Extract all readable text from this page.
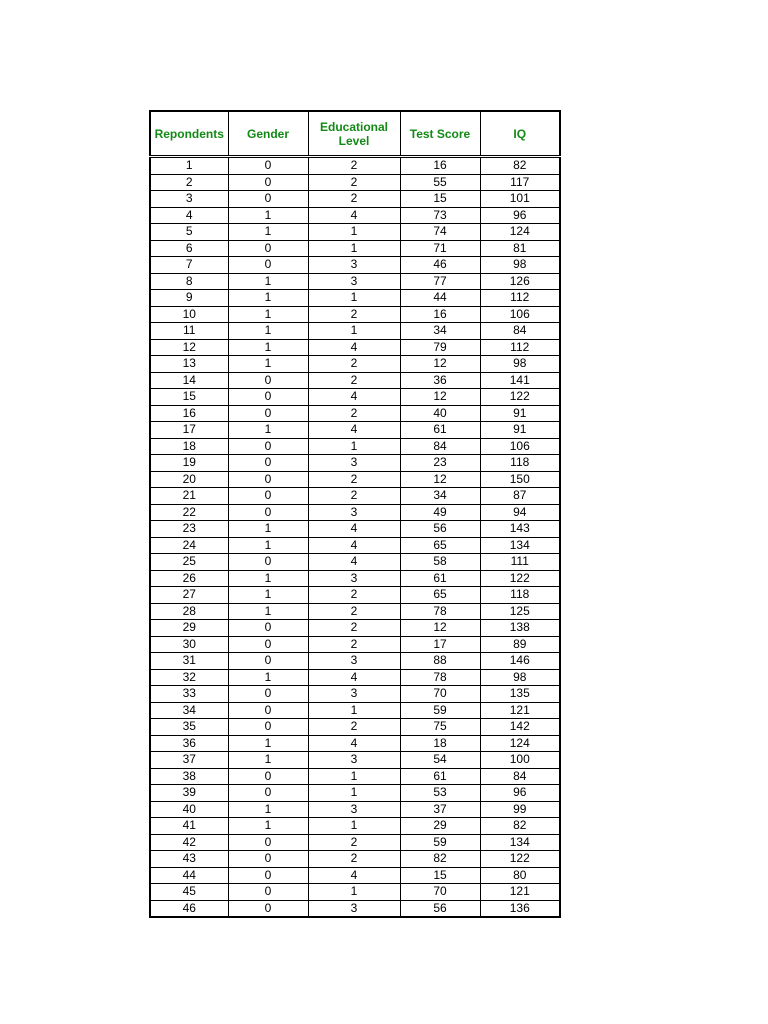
Repondents	Gender	Educational Level	Test Score	IQ
1	0	2	16	82
2	0	2	55	117
3	0	2	15	101
4	1	4	73	96
5	1	1	74	124
6	0	1	71	81
7	0	3	46	98
8	1	3	77	126
9	1	1	44	112
10	1	2	16	106
11	1	1	34	84
12	1	4	79	112
13	1	2	12	98
14	0	2	36	141
15	0	4	12	122
16	0	2	40	91
17	1	4	61	91
18	0	1	84	106
19	0	3	23	118
20	0	2	12	150
21	0	2	34	87
22	0	3	49	94
23	1	4	56	143
24	1	4	65	134
25	0	4	58	111
26	1	3	61	122
27	1	2	65	118
28	1	2	78	125
29	0	2	12	138
30	0	2	17	89
31	0	3	88	146
32	1	4	78	98
33	0	3	70	135
34	0	1	59	121
35	0	2	75	142
36	1	4	18	124
37	1	3	54	100
38	0	1	61	84
39	0	1	53	96
40	1	3	37	99
41	1	1	29	82
42	0	2	59	134
43	0	2	82	122
44	0	4	15	80
45	0	1	70	121
46	0	3	56	136
